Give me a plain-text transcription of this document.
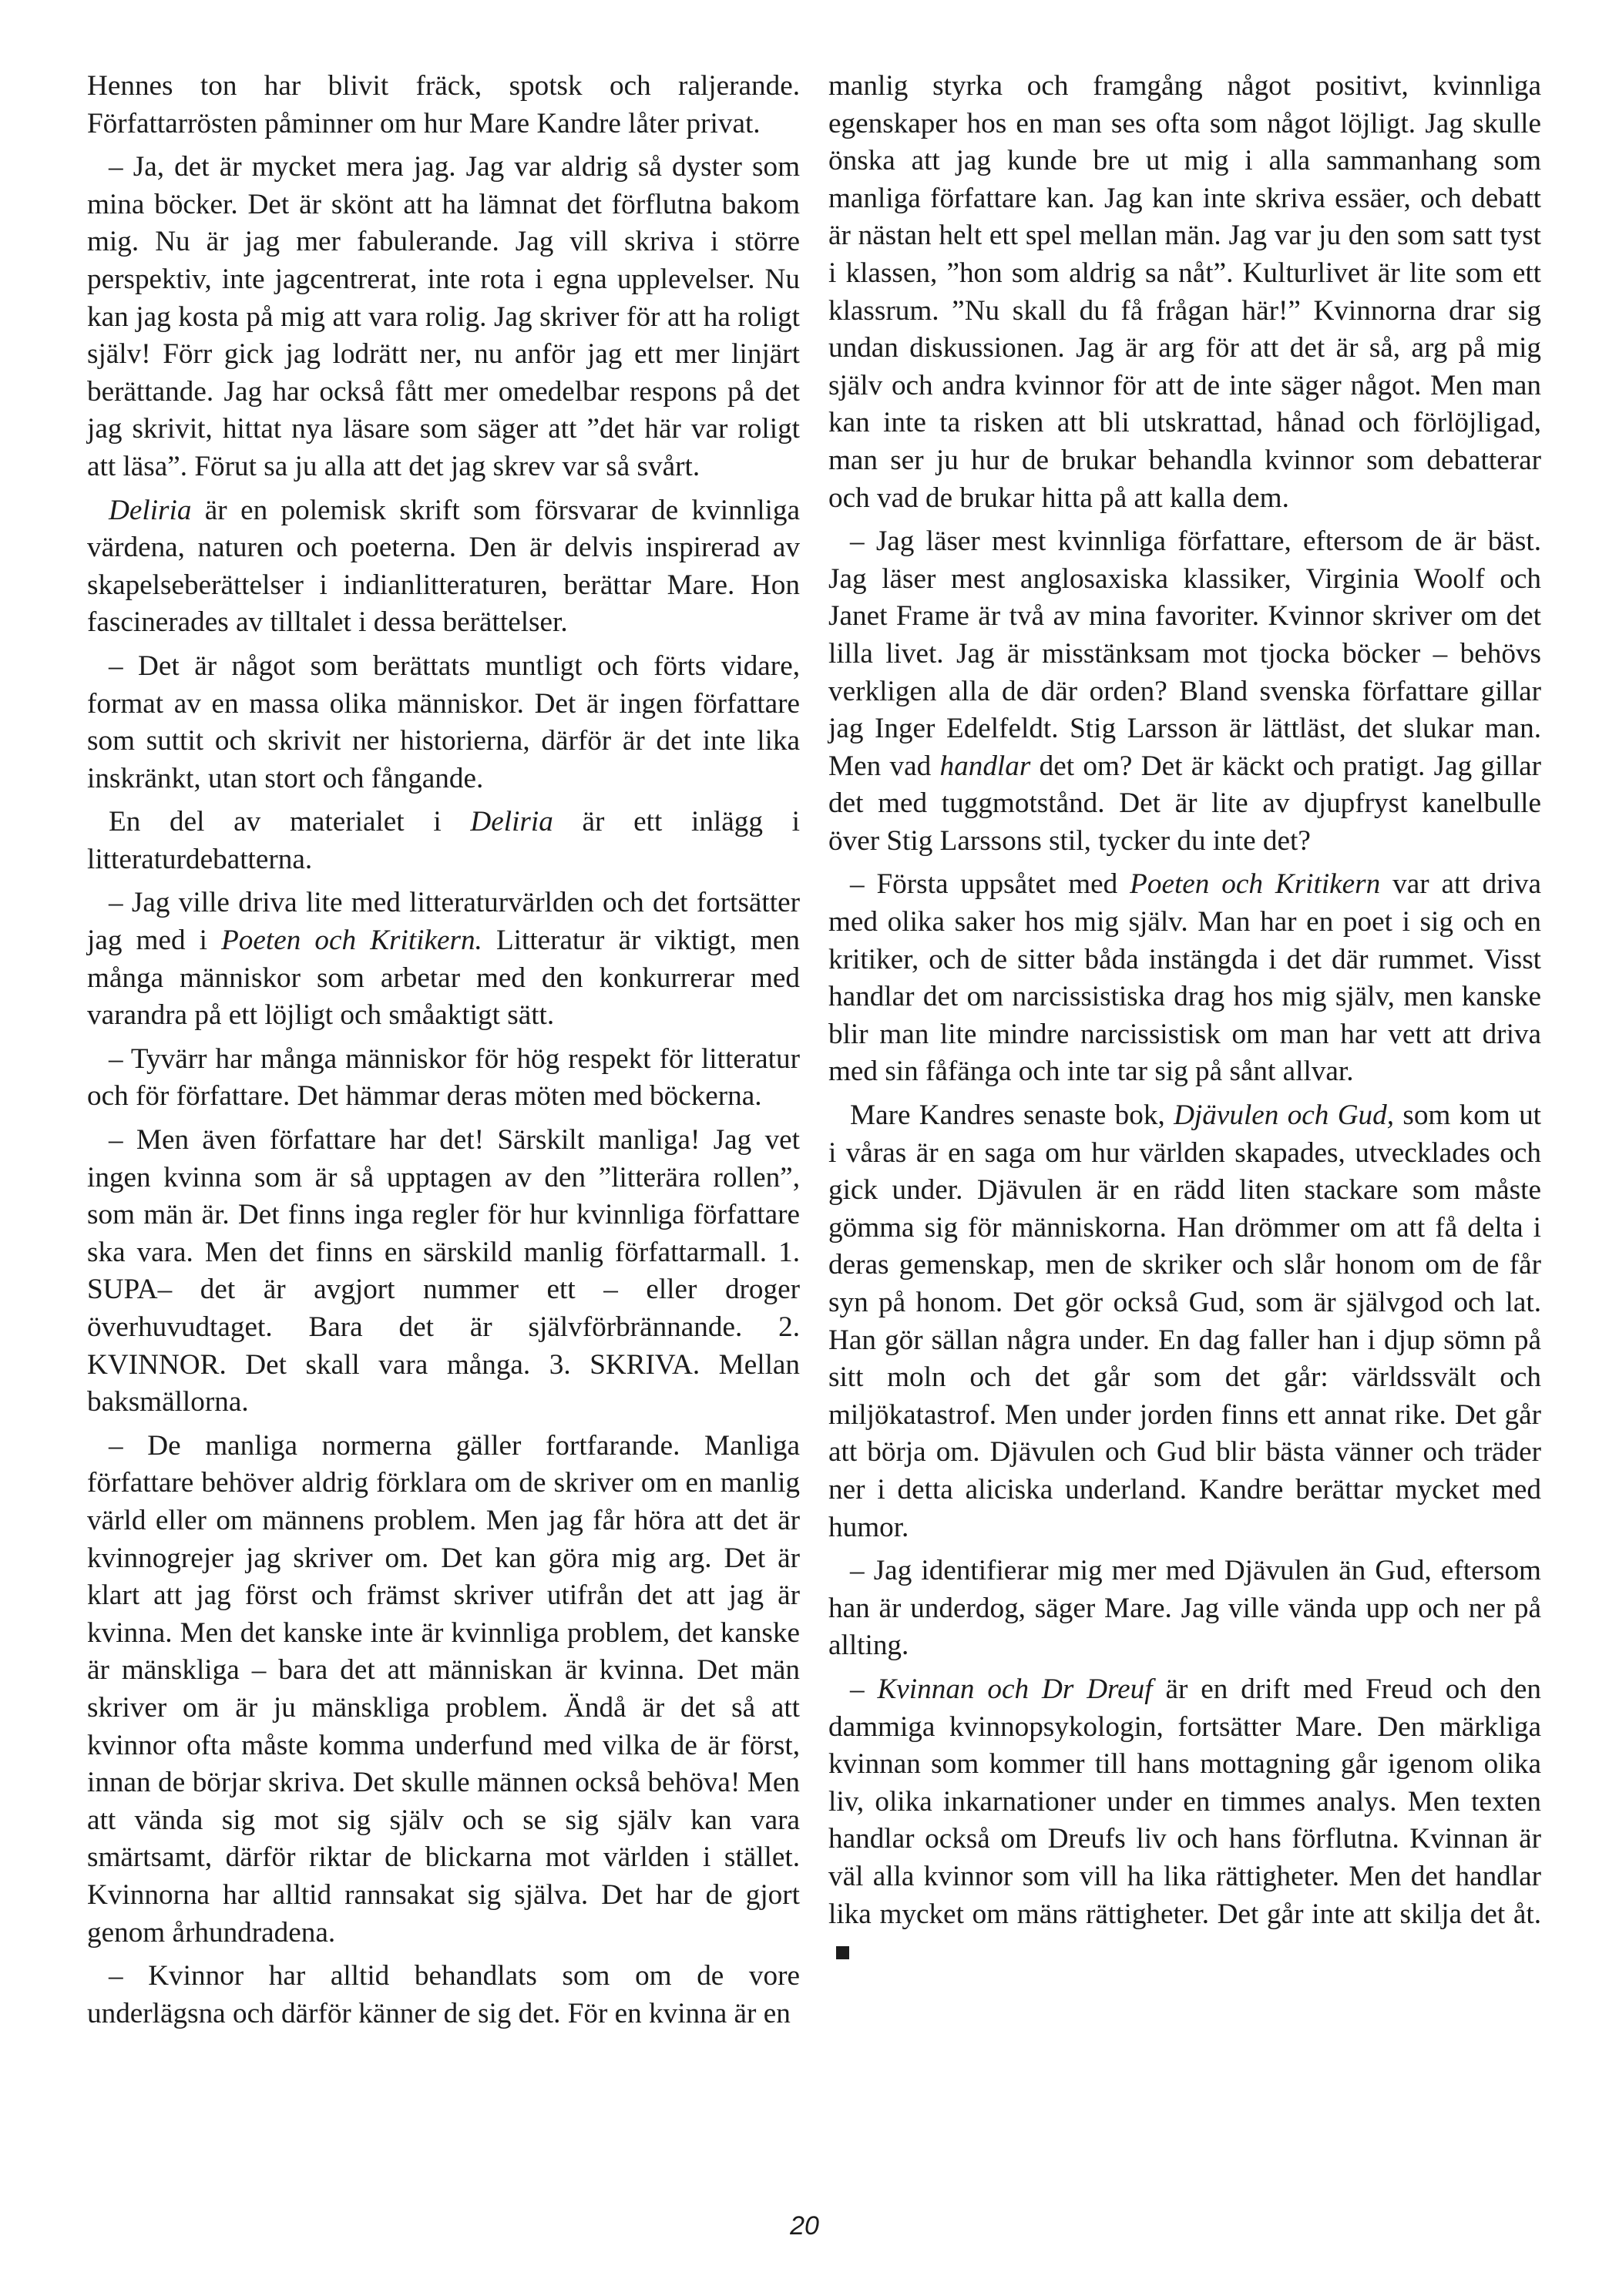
Hennes ton har blivit fräck, spotsk och raljerande. Författarrösten påminner om hur Mare Kandre låter privat.

– Ja, det är mycket mera jag. Jag var aldrig så dyster som mina böcker. Det är skönt att ha lämnat det förflutna bakom mig. Nu är jag mer fabulerande. Jag vill skriva i större perspektiv, inte jagcentrerat, inte rota i egna upplevelser. Nu kan jag kosta på mig att vara rolig. Jag skriver för att ha roligt själv! Förr gick jag lodrätt ner, nu anför jag ett mer linjärt berättande. Jag har också fått mer omedelbar respons på det jag skrivit, hittat nya läsare som säger att ”det här var roligt att läsa”. Förut sa ju alla att det jag skrev var så svårt.

Deliria är en polemisk skrift som försvarar de kvinnliga värdena, naturen och poeterna. Den är delvis inspirerad av skapelseberättelser i indianlitteraturen, berättar Mare. Hon fascinerades av tilltalet i dessa berättelser.

– Det är något som berättats muntligt och förts vidare, format av en massa olika människor. Det är ingen författare som suttit och skrivit ner historierna, därför är det inte lika inskränkt, utan stort och fångande.

En del av materialet i Deliria är ett inlägg i litteraturdebatterna.

– Jag ville driva lite med litteraturvärlden och det fortsätter jag med i Poeten och Kritikern. Litteratur är viktigt, men många människor som arbetar med den konkurrerar med varandra på ett löjligt och småaktigt sätt.

– Tyvärr har många människor för hög respekt för litteratur och för författare. Det hämmar deras möten med böckerna.

– Men även författare har det! Särskilt manliga! Jag vet ingen kvinna som är så upptagen av den ”litterära rollen”, som män är. Det finns inga regler för hur kvinnliga författare ska vara. Men det finns en särskild manlig författarmall. 1. SUPA– det är avgjort nummer ett – eller droger överhuvudtaget. Bara det är självförbrännande. 2. KVINNOR. Det skall vara många. 3. SKRIVA. Mellan baksmällorna.

– De manliga normerna gäller fortfarande. Manliga författare behöver aldrig förklara om de skriver om en manlig värld eller om männens problem. Men jag får höra att det är kvinnogrejer jag skriver om. Det kan göra mig arg. Det är klart att jag först och främst skriver utifrån det att jag är kvinna. Men det kanske inte är kvinnliga problem, det kanske är mänskliga – bara det att människan är kvinna. Det män skriver om är ju mänskliga problem. Ändå är det så att kvinnor ofta måste komma underfund med vilka de är först, innan de börjar skriva. Det skulle männen också behöva! Men att vända sig mot sig själv och se sig själv kan vara smärtsamt, därför riktar de blickarna mot världen i stället. Kvinnorna har alltid rannsakat sig själva. Det har de gjort genom århundradena.

– Kvinnor har alltid behandlats som om de vore underlägsna och därför känner de sig det. För en kvinna är en

manlig styrka och framgång något positivt, kvinnliga egenskaper hos en man ses ofta som något löjligt. Jag skulle önska att jag kunde bre ut mig i alla sammanhang som manliga författare kan. Jag kan inte skriva essäer, och debatt är nästan helt ett spel mellan män. Jag var ju den som satt tyst i klassen, ”hon som aldrig sa nåt”. Kulturlivet är lite som ett klassrum. ”Nu skall du få frågan här!” Kvinnorna drar sig undan diskussionen. Jag är arg för att det är så, arg på mig själv och andra kvinnor för att de inte säger något. Men man kan inte ta risken att bli utskrattad, hånad och förlöjligad, man ser ju hur de brukar behandla kvinnor som debatterar och vad de brukar hitta på att kalla dem.

– Jag läser mest kvinnliga författare, eftersom de är bäst. Jag läser mest anglosaxiska klassiker, Virginia Woolf och Janet Frame är två av mina favoriter. Kvinnor skriver om det lilla livet. Jag är misstänksam mot tjocka böcker – behövs verkligen alla de där orden? Bland svenska författare gillar jag Inger Edelfeldt. Stig Larsson är lättläst, det slukar man. Men vad handlar det om? Det är käckt och pratigt. Jag gillar det med tuggmotstånd. Det är lite av djupfryst kanelbulle över Stig Larssons stil, tycker du inte det?

– Första uppsåtet med Poeten och Kritikern var att driva med olika saker hos mig själv. Man har en poet i sig och en kritiker, och de sitter båda instängda i det där rummet. Visst handlar det om narcissistiska drag hos mig själv, men kanske blir man lite mindre narcissistisk om man har vett att driva med sin fåfänga och inte tar sig på sånt allvar.

Mare Kandres senaste bok, Djävulen och Gud, som kom ut i våras är en saga om hur världen skapades, utvecklades och gick under. Djävulen är en rädd liten stackare som måste gömma sig för människorna. Han drömmer om att få delta i deras gemenskap, men de skriker och slår honom om de får syn på honom. Det gör också Gud, som är självgod och lat. Han gör sällan några under. En dag faller han i djup sömn på sitt moln och det går som det går: världssvält och miljökatastrof. Men under jorden finns ett annat rike. Det går att börja om. Djävulen och Gud blir bästa vänner och träder ner i detta aliciska underland. Kandre berättar mycket med humor.

– Jag identifierar mig mer med Djävulen än Gud, eftersom han är underdog, säger Mare. Jag ville vända upp och ner på allting.

– Kvinnan och Dr Dreuf är en drift med Freud och den dammiga kvinnopsykologin, fortsätter Mare. Den märkliga kvinnan som kommer till hans mottagning går igenom olika liv, olika inkarnationer under en timmes analys. Men texten handlar också om Dreufs liv och hans förflutna. Kvinnan är väl alla kvinnor som vill ha lika rättigheter. Men det handlar lika mycket om mäns rättigheter. Det går inte att skilja det åt.

20
